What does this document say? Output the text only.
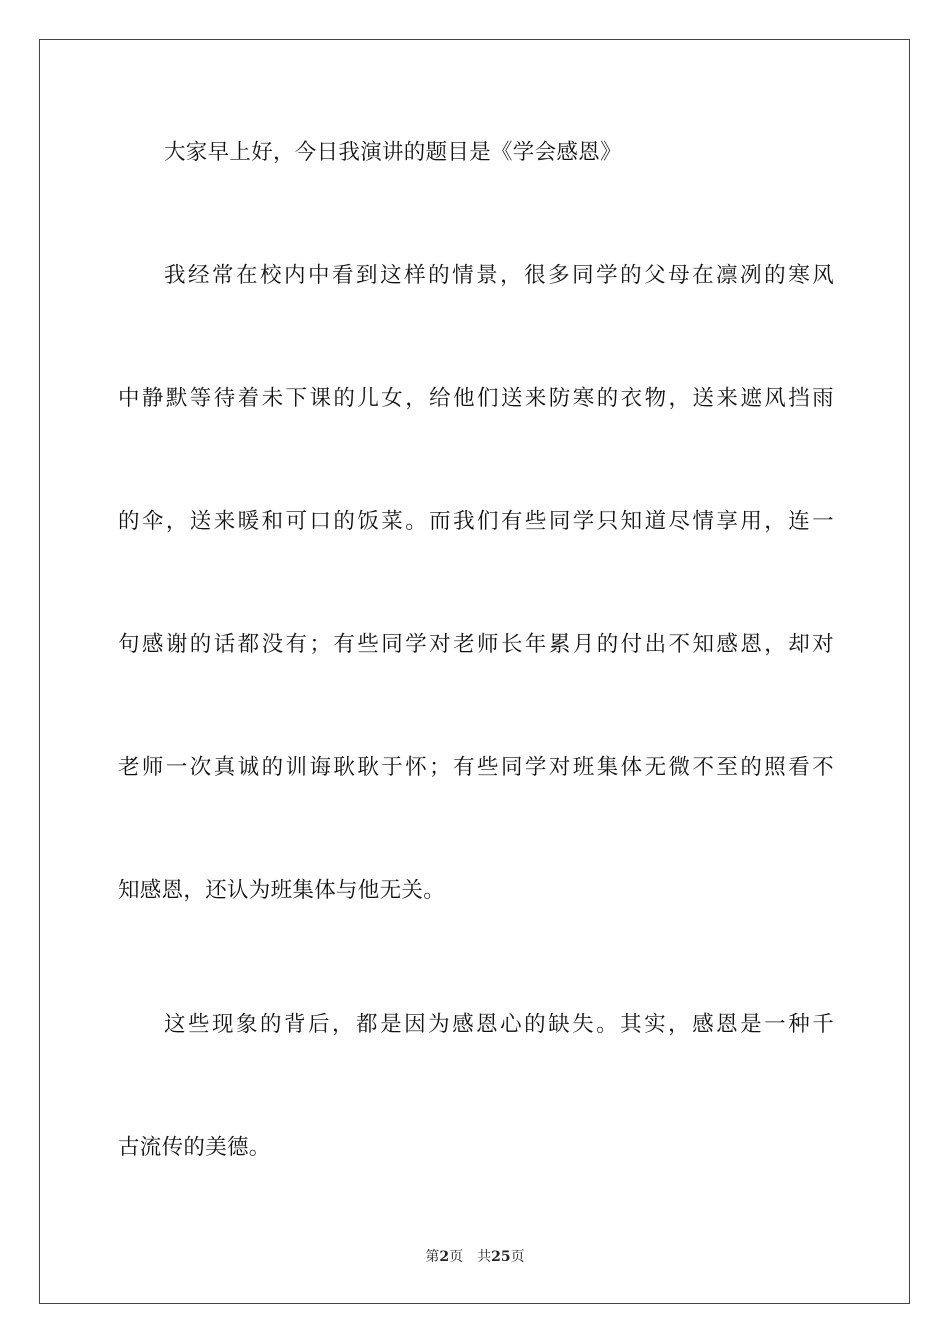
大家早上好，今日我演讲的题目是《学会感恩》
我经常在校内中看到这样的情景，很多同学的父母在凛冽的寒风
中静默等待着未下课的儿女，给他们送来防寒的衣物，送来遮风挡雨
的伞，送来暖和可口的饭菜。而我们有些同学只知道尽情享用，连一
句感谢的话都没有；有些同学对老师长年累月的付出不知感恩，却对
老师一次真诚的训诲耿耿于怀；有些同学对班集体无微不至的照看不
知感恩，还认为班集体与他无关。
这些现象的背后，都是因为感恩心的缺失。其实，感恩是一种千
古流传的美德。
第2页 共25页
